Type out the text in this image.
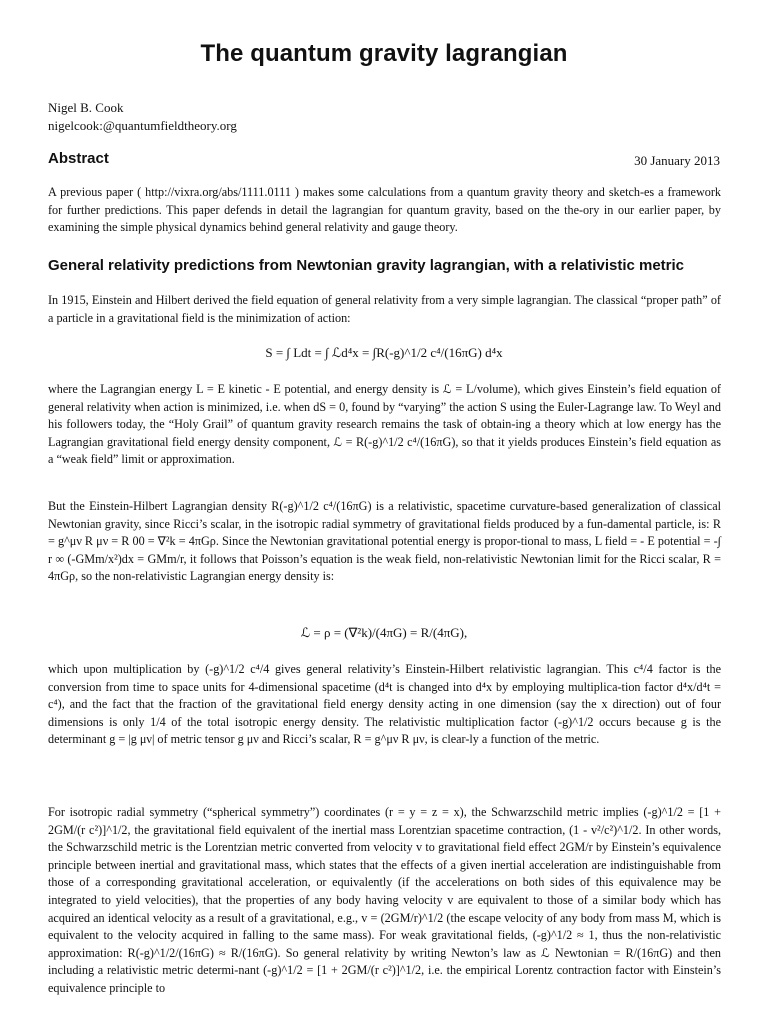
The quantum gravity lagrangian
Nigel B. Cook
nigelcook:@quantumfieldtheory.org
Abstract	30 January 2013
A previous paper ( http://vixra.org/abs/1111.0111 ) makes some calculations from a quantum gravity theory and sketch-es a framework for further predictions. This paper defends in detail the lagrangian for quantum gravity, based on the the-ory in our earlier paper, by examining the simple physical dynamics behind general relativity and gauge theory.
General relativity predictions from Newtonian gravity lagrangian, with a relativistic metric
In 1915, Einstein and Hilbert derived the field equation of general relativity from a very simple lagrangian. The classical “proper path” of a particle in a gravitational field is the minimization of action:
S = ∫ Ldt = ∫ ℒd⁴x = ∫R(-g)^1/2 c⁴/(16πG) d⁴x
where the Lagrangian energy L = E kinetic - E potential, and energy density is ℒ = L/volume), which gives Einstein’s field equation of general relativity when action is minimized, i.e. when dS = 0, found by “varying” the action S using the Euler-Lagrange law. To Weyl and his followers today, the “Holy Grail” of quantum gravity research remains the task of obtain-ing a theory which at low energy has the Lagrangian gravitational field energy density component, ℒ = R(-g)^1/2 c⁴/(16πG), so that it yields produces Einstein’s field equation as a “weak field” limit or approximation.
But the Einstein-Hilbert Lagrangian density R(-g)^1/2 c⁴/(16πG) is a relativistic, spacetime curvature-based generalization of classical Newtonian gravity, since Ricci’s scalar, in the isotropic radial symmetry of gravitational fields produced by a fun-damental particle, is: R = g^μν R μν = R 00 = ∇²k = 4πGρ. Since the Newtonian gravitational potential energy is propor-tional to mass, L field = - E potential = -∫ r ∞ (-GMm/x²)dx = GMm/r, it follows that Poisson’s equation is the weak field, non-relativistic Newtonian limit for the Ricci scalar, R = 4πGρ, so the non-relativistic Lagrangian energy density is:
ℒ = ρ = (∇²k)/(4πG) = R/(4πG),
which upon multiplication by (-g)^1/2 c⁴/4 gives general relativity’s Einstein-Hilbert relativistic lagrangian. This c⁴/4 factor is the conversion from time to space units for 4-dimensional spacetime (d⁴t is changed into d⁴x by employing multiplica-tion factor d⁴x/d⁴t = c⁴), and the fact that the fraction of the gravitational field energy density acting in one dimension (say the x direction) out of four dimensions is only 1/4 of the total isotropic energy density. The relativistic multiplication factor (-g)^1/2 occurs because g is the determinant g = |g μν| of metric tensor g μν and Ricci’s scalar, R = g^μν R μν, is clear-ly a function of the metric.
For isotropic radial symmetry (“spherical symmetry”) coordinates (r = y = z = x), the Schwarzschild metric implies (-g)^1/2 = [1 + 2GM/(r c²)]^1/2, the gravitational field equivalent of the inertial mass Lorentzian spacetime contraction, (1 - v²/c²)^1/2. In other words, the Schwarzschild metric is the Lorentzian metric converted from velocity v to gravitational field effect 2GM/r by Einstein’s equivalence principle between inertial and gravitational mass, which states that the effects of a given inertial acceleration are indistinguishable from those of a corresponding gravitational acceleration, or equivalently (if the accelerations on both sides of this equivalence may be integrated to yield velocities), that the properties of any body having velocity v are equivalent to those of a similar body which has acquired an identical velocity as a result of a gravitational, e.g., v = (2GM/r)^1/2 (the escape velocity of any body from mass M, which is equivalent to the velocity acquired in falling to the same mass). For weak gravitational fields, (-g)^1/2 ≈ 1, thus the non-relativistic approximation: R(-g)^1/2/(16πG) ≈ R/(16πG). So general relativity by writing Newton’s law as ℒ Newtonian = R/(16πG) and then including a relativistic metric determi-nant (-g)^1/2 = [1 + 2GM/(r c²)]^1/2, i.e. the empirical Lorentz contraction factor with Einstein’s equivalence principle to
